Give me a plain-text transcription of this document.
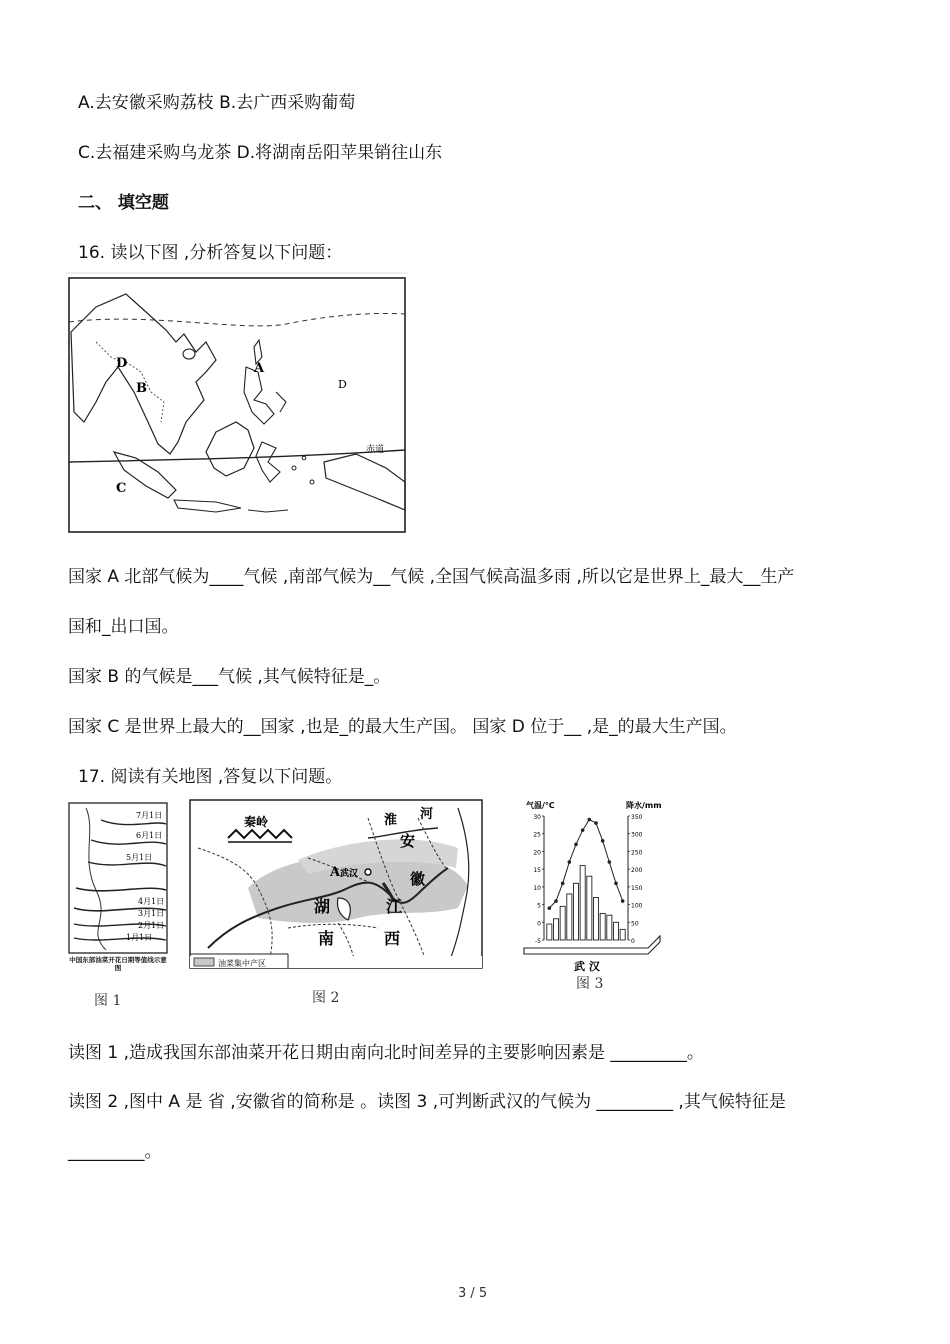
A.去安徽采购荔枝 B.去广西采购葡萄
C.去福建采购乌龙茶 D.将湖南岳阳苹果销往山东
二、 填空题
16. 读以下图 ,分析答复以下问题：
D
B
A
D
C
赤道
国家 A 北部气候为____气候 ,南部气候为__气候 ,全国气候高温多雨 ,所以它是世界上_最大__生产
国和_出口国。
国家 B 的气候是___气候 ,其气候特征是_。
国家 C 是世界上最大的__国家 ,也是_的最大生产国。 国家 D 位于__ ,是_的最大生产国。
17. 阅读有关地图 ,答复以下问题。
7月1日
6月1日
5月1日
4月1日
3月1日
2月1日
1月1日
中国东部油菜开花日期等值线示意图
图 1
秦岭	淮 河
安
徽
A 武汉
湖
南
江
西
油菜集中产区
图 2
气温/℃	降水/mm
30
25
20
15
10
5
0
-5
350
300
250
200
150
100
50
0
武 汉
图 3
读图 1 ,造成我国东部油菜开花日期由南向北时间差异的主要影响因素是 _________。
读图 2 ,图中 A 是 省 ,安徽省的简称是 。读图 3 ,可判断武汉的气候为 _________ ,其气候特征是
_________。
3 / 5
